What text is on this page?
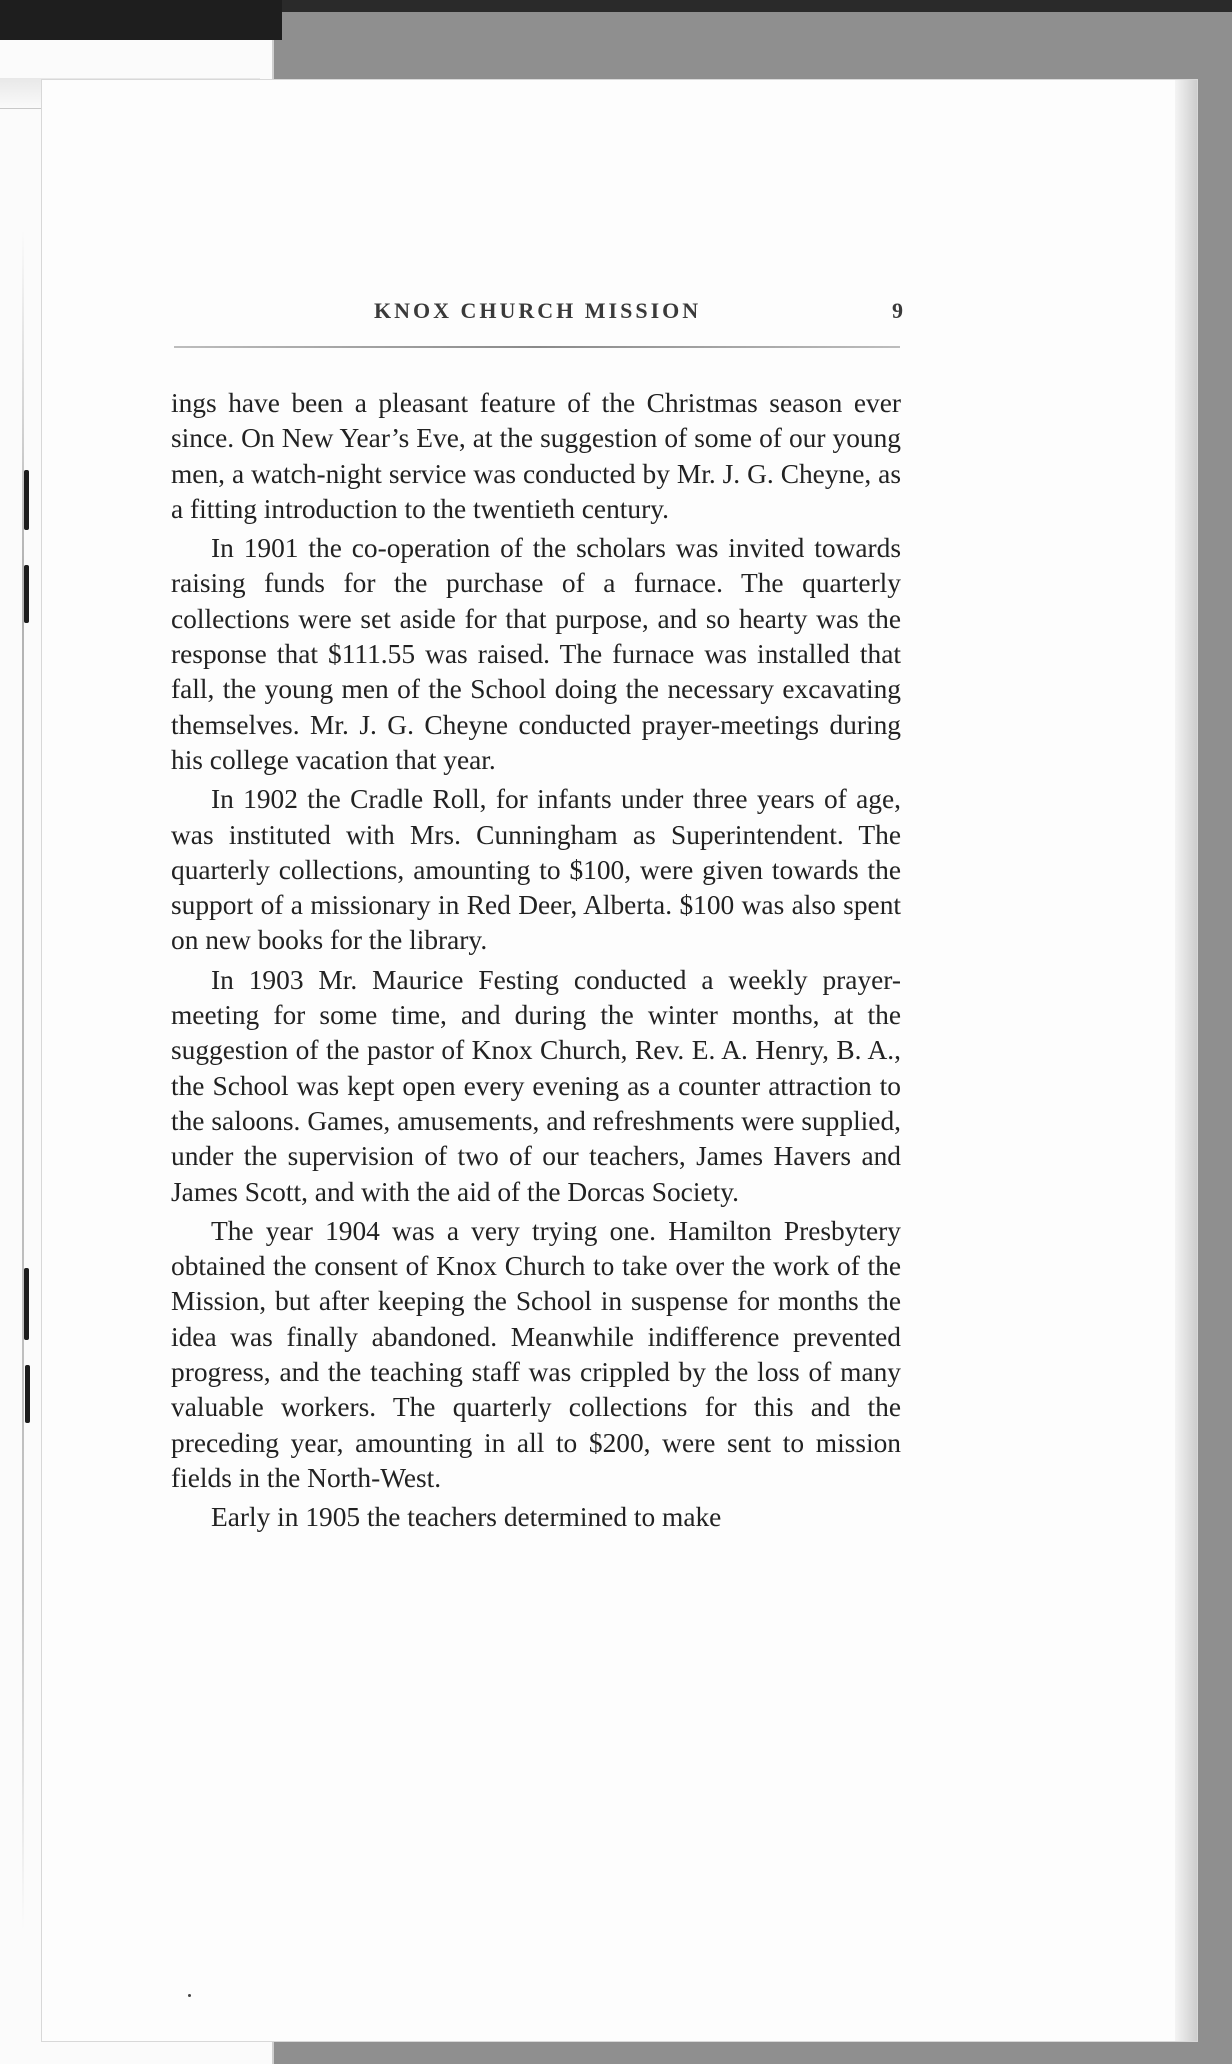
KNOX CHURCH MISSION	9

ings have been a pleasant feature of the Christmas season ever since. On New Year’s Eve, at the suggestion of some of our young men, a watch-night service was conducted by Mr. J. G. Cheyne, as a fitting introduction to the twentieth century.

In 1901 the co-operation of the scholars was invited towards raising funds for the purchase of a furnace. The quarterly collections were set aside for that purpose, and so hearty was the response that $111.55 was raised. The furnace was installed that fall, the young men of the School doing the necessary excavating themselves. Mr. J. G. Cheyne conducted prayer-meetings during his college vacation that year.

In 1902 the Cradle Roll, for infants under three years of age, was instituted with Mrs. Cunningham as Superintendent. The quarterly collections, amounting to $100, were given towards the support of a missionary in Red Deer, Alberta. $100 was also spent on new books for the library.

In 1903 Mr. Maurice Festing conducted a weekly prayer-meeting for some time, and during the winter months, at the suggestion of the pastor of Knox Church, Rev. E. A. Henry, B. A., the School was kept open every evening as a counter attraction to the saloons. Games, amusements, and refreshments were supplied, under the supervision of two of our teachers, James Havers and James Scott, and with the aid of the Dorcas Society.

The year 1904 was a very trying one. Hamilton Presbytery obtained the consent of Knox Church to take over the work of the Mission, but after keeping the School in suspense for months the idea was finally abandoned. Meanwhile indifference prevented progress, and the teaching staff was crippled by the loss of many valuable workers. The quarterly collections for this and the preceding year, amounting in all to $200, were sent to mission fields in the North-West.

Early in 1905 the teachers determined to make
